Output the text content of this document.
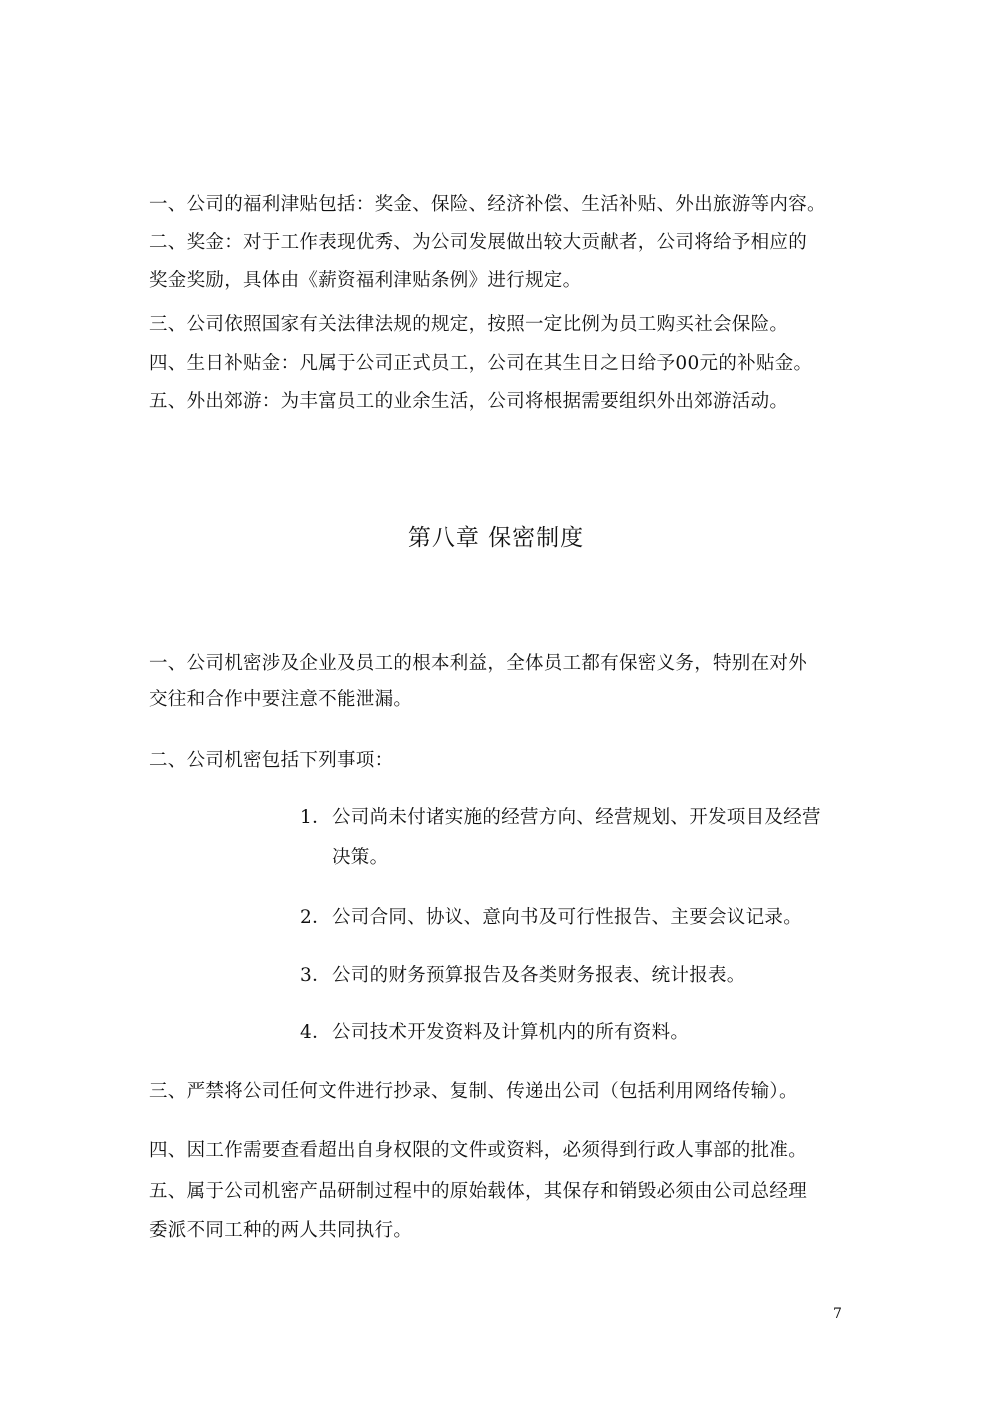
一、公司的福利津贴包括：奖金、保险、经济补偿、生活补贴、外出旅游等内容。
二、奖金：对于工作表现优秀、为公司发展做出较大贡献者，公司将给予相应的
奖金奖励，具体由《薪资福利津贴条例》进行规定。
三、公司依照国家有关法律法规的规定，按照一定比例为员工购买社会保险。
四、生日补贴金：凡属于公司正式员工，公司在其生日之日给予00元的补贴金。
五、外出郊游：为丰富员工的业余生活，公司将根据需要组织外出郊游活动。
第八章 保密制度
一、公司机密涉及企业及员工的根本利益，全体员工都有保密义务，特别在对外
交往和合作中要注意不能泄漏。
二、公司机密包括下列事项：
1． 公司尚未付诸实施的经营方向、经营规划、开发项目及经营
决策。
2． 公司合同、协议、意向书及可行性报告、主要会议记录。
3． 公司的财务预算报告及各类财务报表、统计报表。
4． 公司技术开发资料及计算机内的所有资料。
三、严禁将公司任何文件进行抄录、复制、传递出公司（包括利用网络传输）。
四、因工作需要查看超出自身权限的文件或资料，必须得到行政人事部的批准。
五、属于公司机密产品研制过程中的原始载体，其保存和销毁必须由公司总经理
委派不同工种的两人共同执行。
7
